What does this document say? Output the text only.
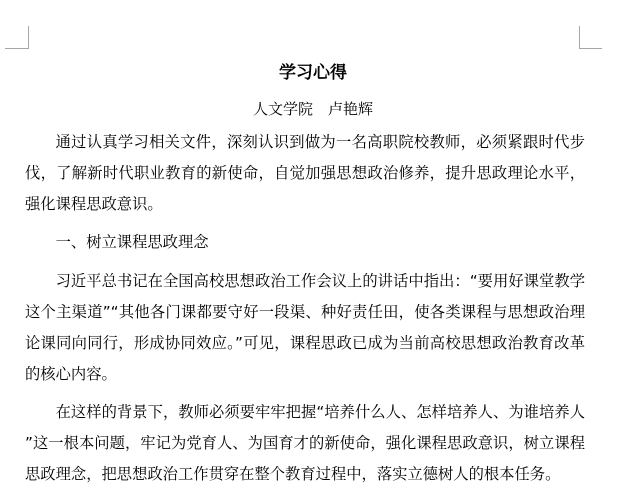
学习心得
人文学院　卢艳辉

通过认真学习相关文件，深刻认识到做为一名高职院校教师，必须紧跟时代步伐，了解新时代职业教育的新使命，自觉加强思想政治修养，提升思政理论水平，强化课程思政意识。

一、树立课程思政理念

习近平总书记在全国高校思想政治工作会议上的讲话中指出：“要用好课堂教学这个主渠道”“其他各门课都要守好一段渠、种好责任田，使各类课程与思想政治理论课同向同行，形成协同效应。”可见，课程思政已成为当前高校思想政治教育改革的核心内容。

在这样的背景下，教师必须要牢牢把握“培养什么人、怎样培养人、为谁培养人”这一根本问题，牢记为党育人、为国育才的新使命，强化课程思政意识，树立课程思政理念，把思想政治工作贯穿在整个教育过程中，落实立德树人的根本任务。
